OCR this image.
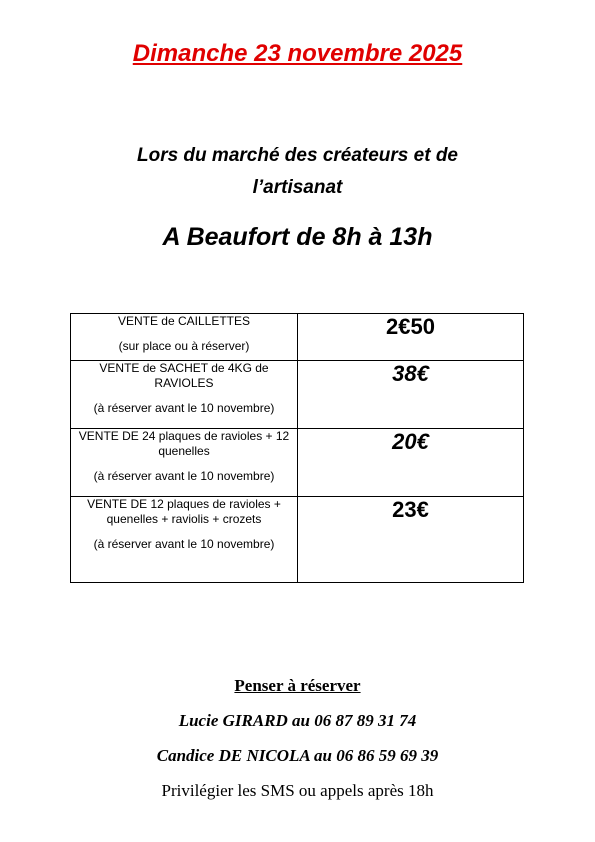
Dimanche 23 novembre 2025
Lors du marché des créateurs et de
l’artisanat
A Beaufort de 8h à 13h
VENTE de CAILLETTES
(sur place ou à réserver)	2€50

VENTE de SACHET de 4KG de RAVIOLES
(à réserver avant le 10 novembre)	38€

VENTE DE 24 plaques de ravioles + 12 quenelles
(à réserver avant le 10 novembre)	20€

VENTE DE 12 plaques de ravioles + quenelles + raviolis + crozets
(à réserver avant le 10 novembre)	23€
Penser à réserver
Lucie GIRARD au 06 87 89 31 74
Candice DE NICOLA au 06 86 59 69 39
Privilégier les SMS ou appels après 18h
